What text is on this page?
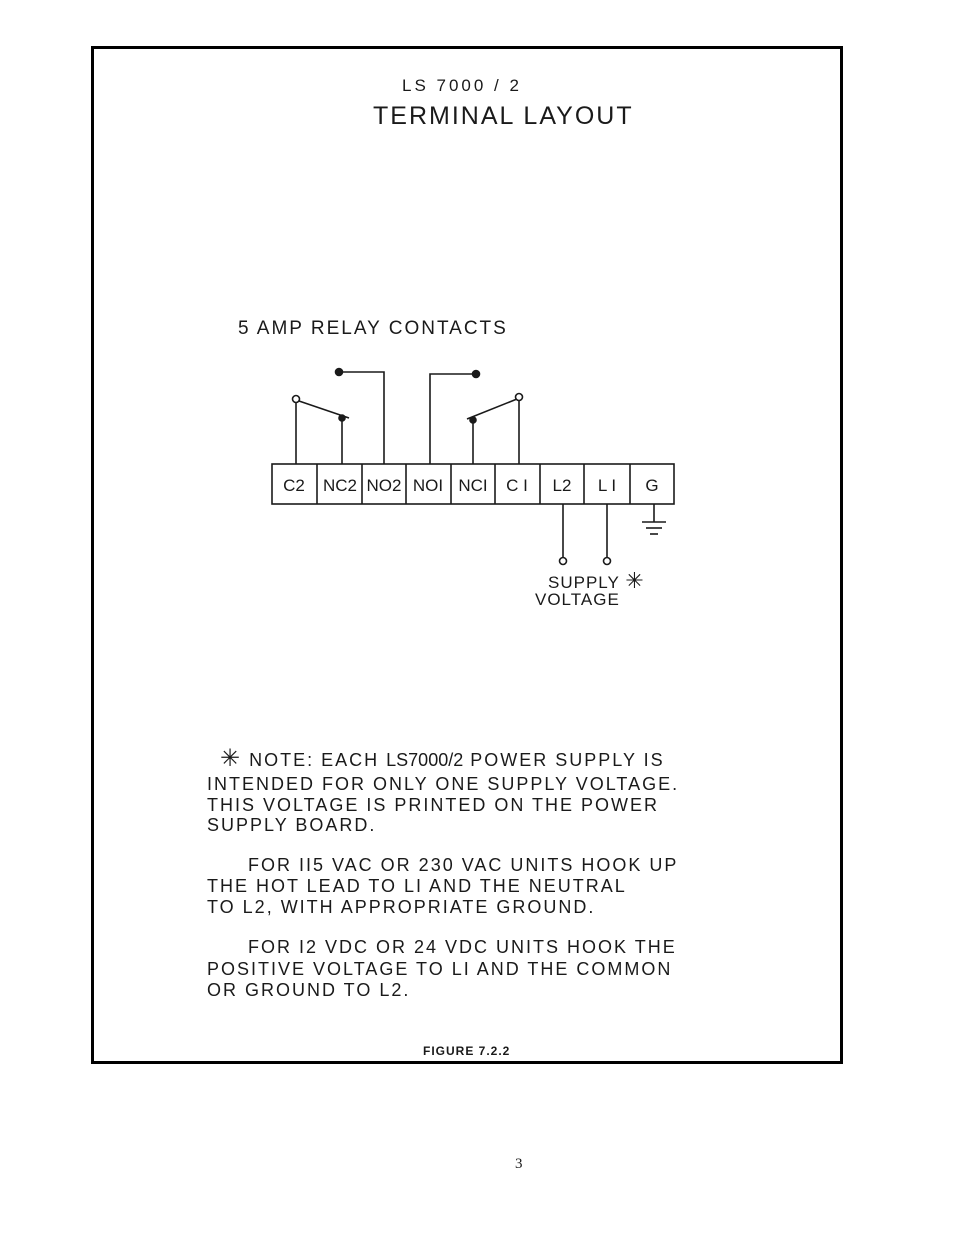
LS 7000 / 2
TERMINAL LAYOUT
5 AMP RELAY CONTACTS
C2 NC2 NO2 NOI NCI C I L2 L I G
SUPPLY ✳
VOLTAGE
✳ NOTE: EACH LS7000/2 POWER SUPPLY IS
INTENDED FOR ONLY ONE SUPPLY VOLTAGE.
THIS VOLTAGE IS PRINTED ON THE POWER
SUPPLY BOARD.
FOR II5 VAC OR 230 VAC UNITS HOOK UP
THE HOT LEAD TO LI AND THE NEUTRAL
TO L2, WITH APPROPRIATE GROUND.
FOR I2 VDC OR 24 VDC UNITS HOOK THE
POSITIVE VOLTAGE TO LI AND THE COMMON
OR GROUND TO L2.
FIGURE 7.2.2
3
